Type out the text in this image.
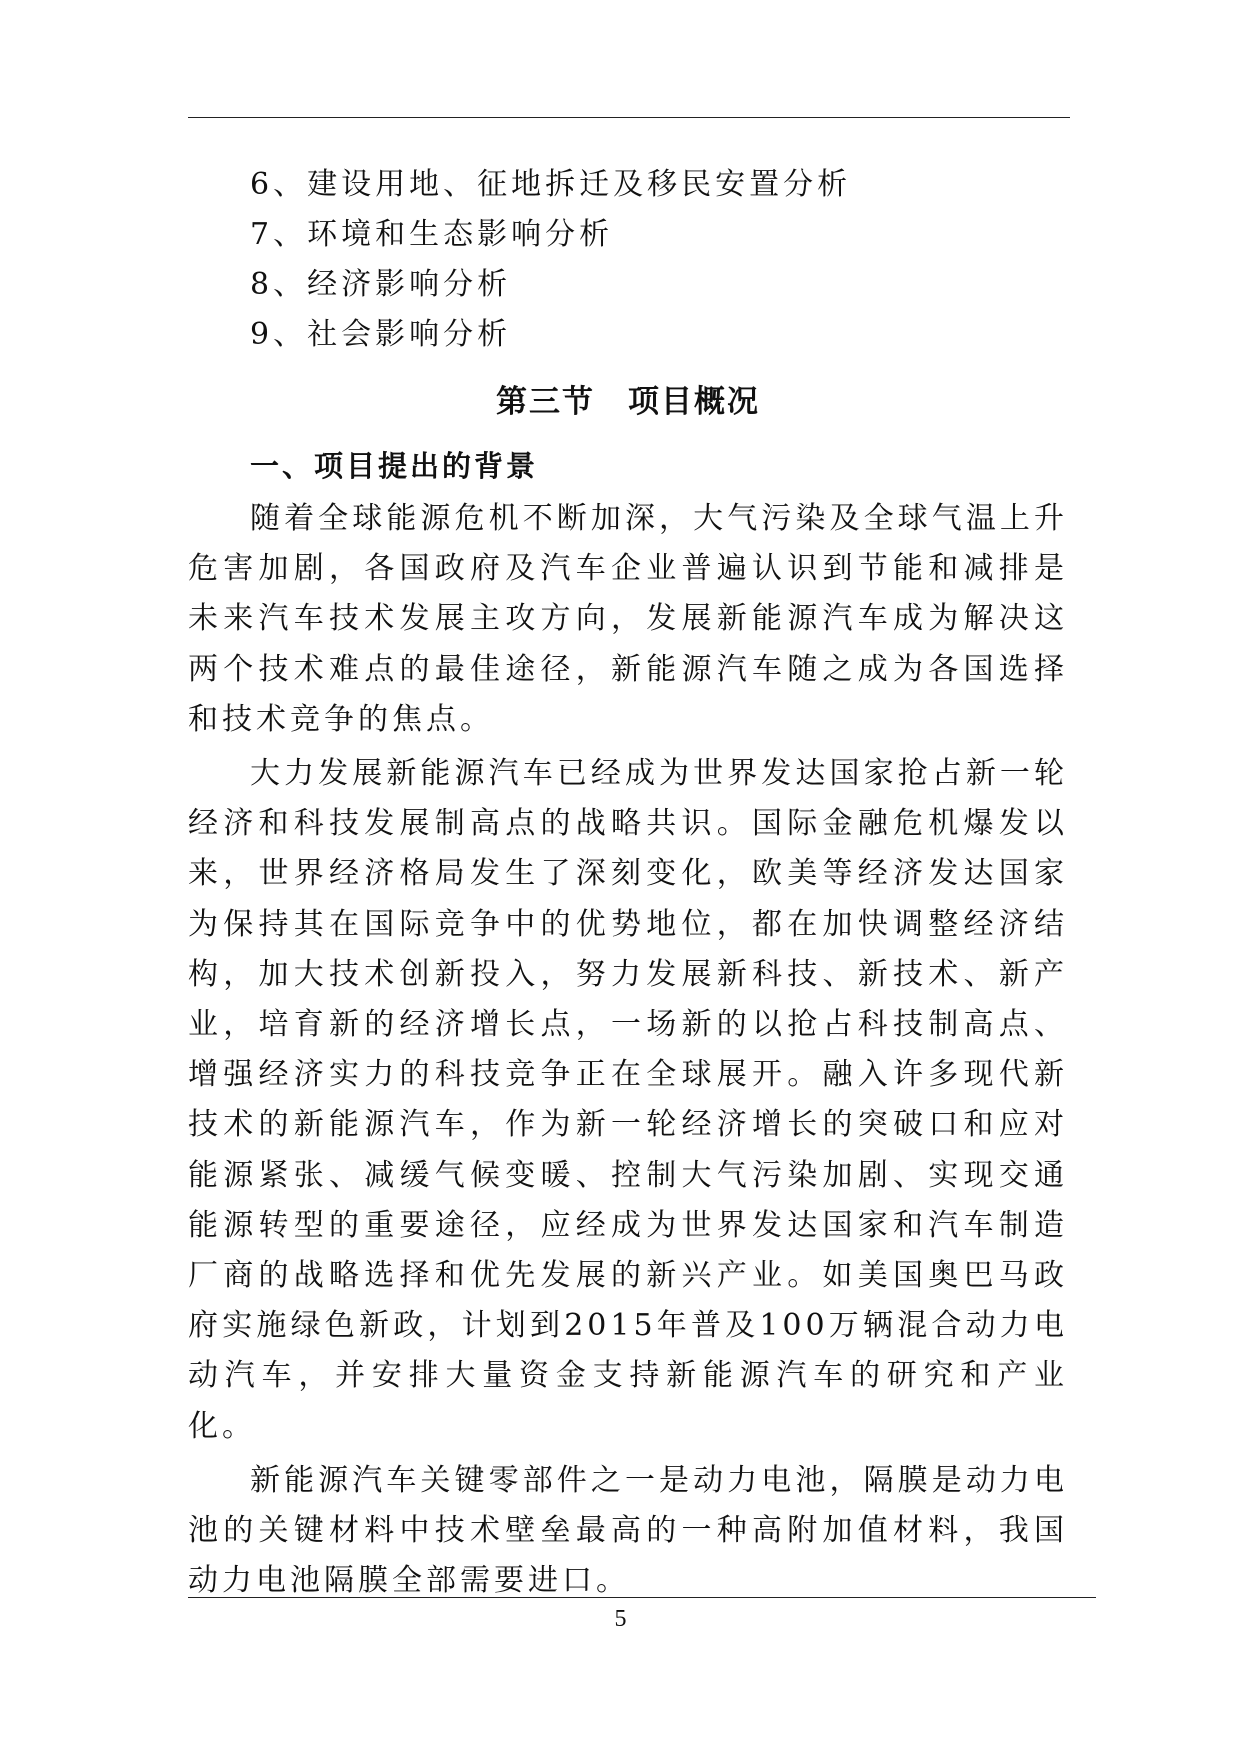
6、建设用地、征地拆迁及移民安置分析

7、环境和生态影响分析

8、经济影响分析

9、社会影响分析

第三节　项目概况
一、项目提出的背景

随着全球能源危机不断加深，大气污染及全球气温上升危害加剧，各国政府及汽车企业普遍认识到节能和减排是未来汽车技术发展主攻方向，发展新能源汽车成为解决这两个技术难点的最佳途径，新能源汽车随之成为各国选择和技术竞争的焦点。

大力发展新能源汽车已经成为世界发达国家抢占新一轮经济和科技发展制高点的战略共识。国际金融危机爆发以来，世界经济格局发生了深刻变化，欧美等经济发达国家为保持其在国际竞争中的优势地位，都在加快调整经济结构，加大技术创新投入，努力发展新科技、新技术、新产业，培育新的经济增长点，一场新的以抢占科技制高点、增强经济实力的科技竞争正在全球展开。融入许多现代新技术的新能源汽车，作为新一轮经济增长的突破口和应对能源紧张、减缓气候变暖、控制大气污染加剧、实现交通能源转型的重要途径，应经成为世界发达国家和汽车制造厂商的战略选择和优先发展的新兴产业。如美国奥巴马政府实施绿色新政，计划到2015年普及100万辆混合动力电动汽车，并安排大量资金支持新能源汽车的研究和产业化。

新能源汽车关键零部件之一是动力电池，隔膜是动力电池的关键材料中技术壁垒最高的一种高附加值材料，我国动力电池隔膜全部需要进口。

5
